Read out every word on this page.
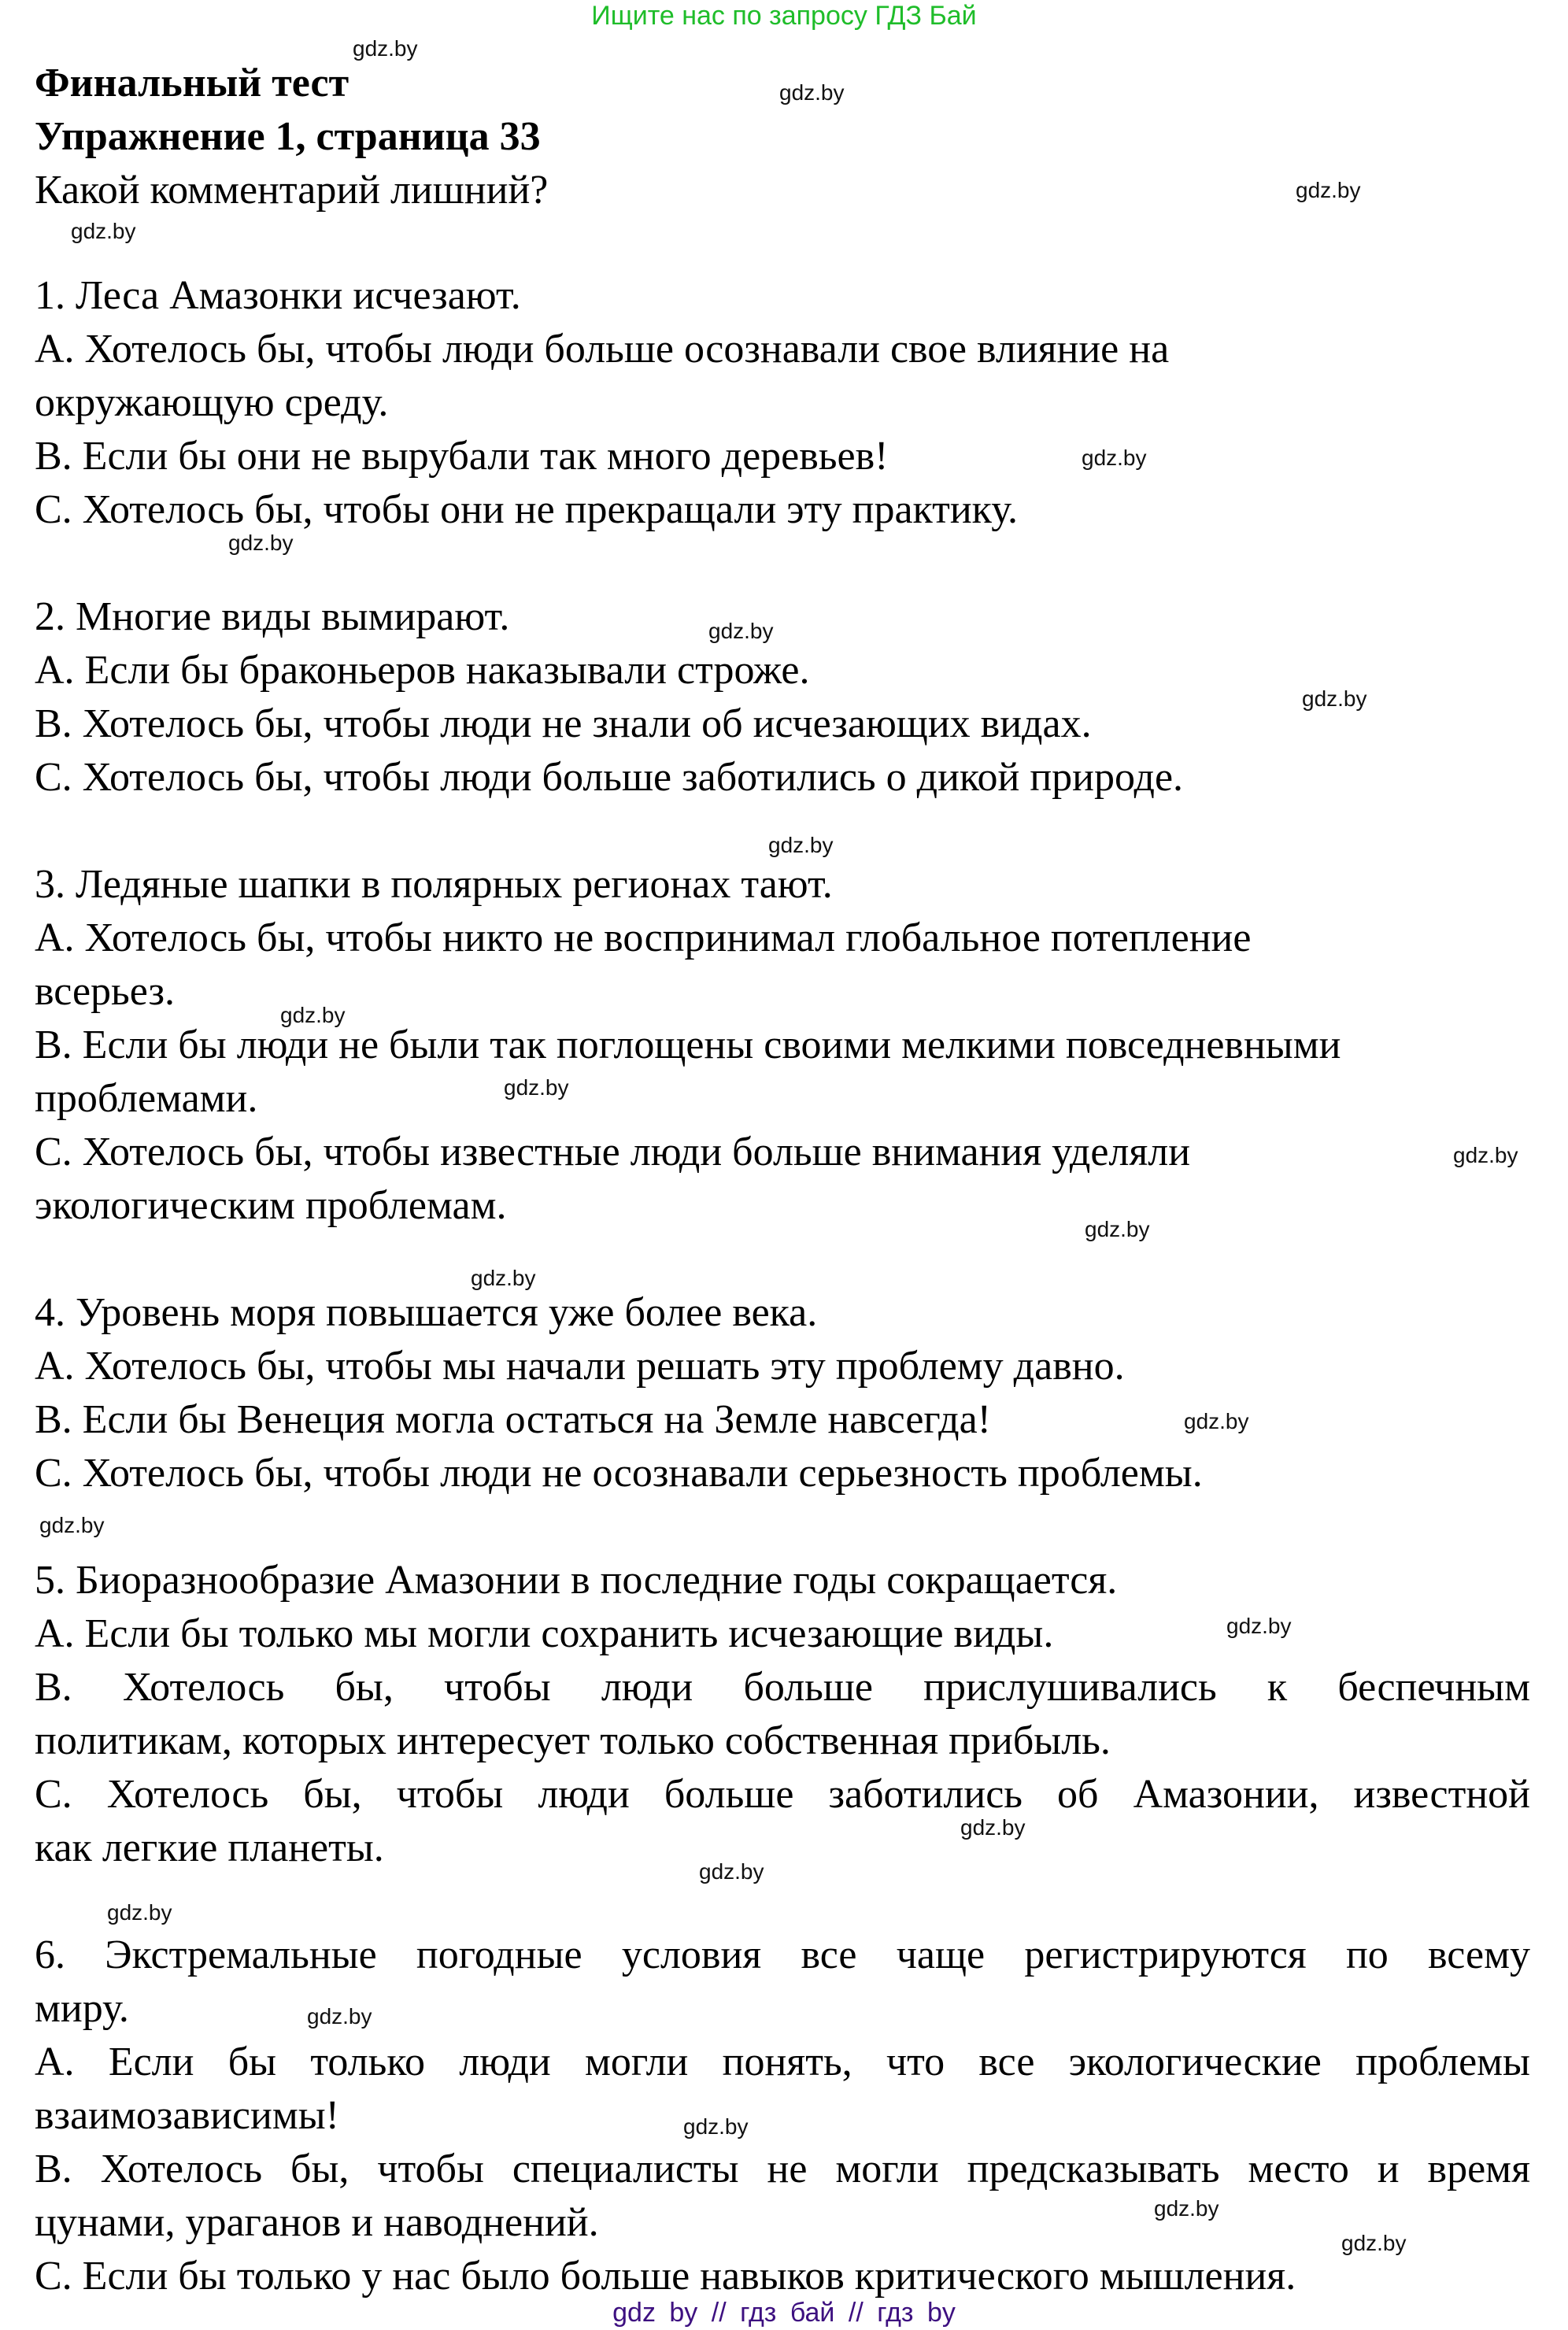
Ищите нас по запросу ГДЗ Бай
Финальный тест
Упражнение 1, страница 33
Какой комментарий лишний?
1. Леса Амазонки исчезают.
А. Хотелось бы, чтобы люди больше осознавали свое влияние на
окружающую среду.
В. Если бы они не вырубали так много деревьев!
С. Хотелось бы, чтобы они не прекращали эту практику.
2. Многие виды вымирают.
А. Если бы браконьеров наказывали строже.
В. Хотелось бы, чтобы люди не знали об исчезающих видах.
С. Хотелось бы, чтобы люди больше заботились о дикой природе.
3. Ледяные шапки в полярных регионах тают.
А. Хотелось бы, чтобы никто не воспринимал глобальное потепление
всерьез.
В. Если бы люди не были так поглощены своими мелкими повседневными
проблемами.
С. Хотелось бы, чтобы известные люди больше внимания уделяли
экологическим проблемам.
4. Уровень моря повышается уже более века.
А. Хотелось бы, чтобы мы начали решать эту проблему давно.
В. Если бы Венеция могла остаться на Земле навсегда!
С. Хотелось бы, чтобы люди не осознавали серьезность проблемы.
5. Биоразнообразие Амазонии в последние годы сокращается.
А. Если бы только мы могли сохранить исчезающие виды.
В. Хотелось бы, чтобы люди больше прислушивались к беспечным
политикам, которых интересует только собственная прибыль.
С. Хотелось бы, чтобы люди больше заботились об Амазонии, известной
как легкие планеты.
6. Экстремальные погодные условия все чаще регистрируются по всему
миру.
А. Если бы только люди могли понять, что все экологические проблемы
взаимозависимы!
В. Хотелось бы, чтобы специалисты не могли предсказывать место и время
цунами, ураганов и наводнений.
С. Если бы только у нас было больше навыков критического мышления.
gdz.by
gdz.by
gdz.by
gdz.by
gdz.by
gdz.by
gdz.by
gdz.by
gdz.by
gdz.by
gdz.by
gdz.by
gdz.by
gdz.by
gdz.by
gdz.by
gdz.by
gdz.by
gdz.by
gdz.by
gdz.by
gdz.by
gdz.by
gdz.by
gdz by // гдз бай // гдз by
